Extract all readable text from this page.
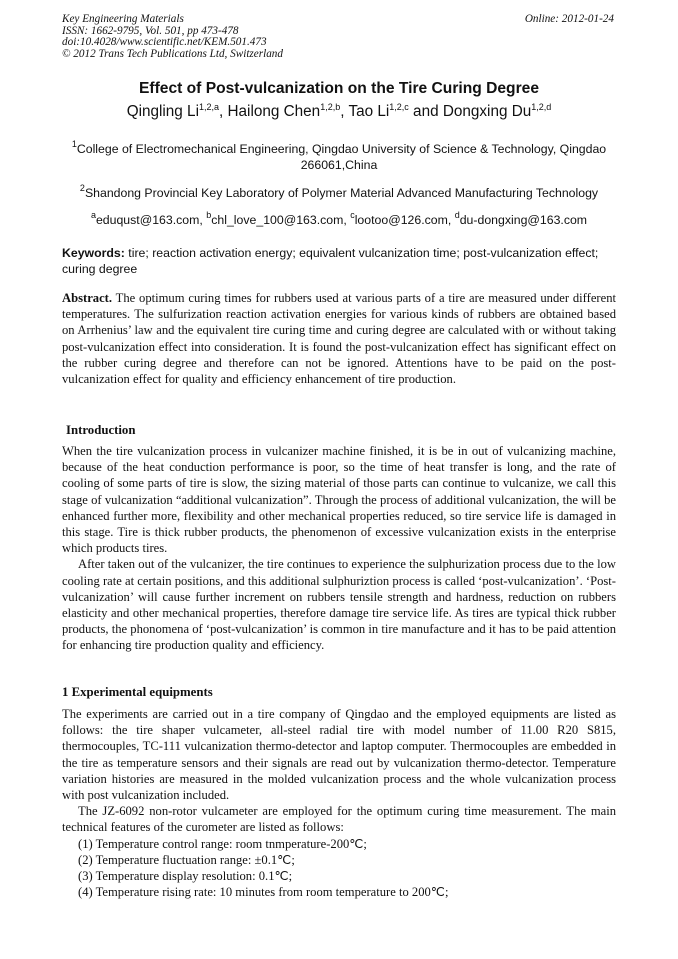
Key Engineering Materials
ISSN: 1662-9795, Vol. 501, pp 473-478
doi:10.4028/www.scientific.net/KEM.501.473
© 2012 Trans Tech Publications Ltd, Switzerland
Online: 2012-01-24
Effect of Post-vulcanization on the Tire Curing Degree
Qingling Li$^{1,2,a}$, Hailong Chen$^{1,2,b}$, Tao Li$^{1,2,c}$ and Dongxing Du$^{1,2,d}$
$^1$College of Electromechanical Engineering, Qingdao University of Science & Technology, Qingdao 266061,China
$^2$Shandong Provincial Key Laboratory of Polymer Material Advanced Manufacturing Technology
$^a$eduqust@163.com, $^b$chl_love_100@163.com, $^c$lootoo@126.com, $^d$du-dongxing@163.com
Keywords: tire; reaction activation energy; equivalent vulcanization time; post-vulcanization effect; curing degree

Abstract. The optimum curing times for rubbers used at various parts of a tire are measured under different temperatures. The sulfurization reaction activation energies for various kinds of rubbers are obtained based on Arrhenius’ law and the equivalent tire curing time and curing degree are calculated with or without taking post-vulcanization effect into consideration. It is found the post-vulcanization effect has significant effect on the rubber curing degree and therefore can not be ignored. Attentions have to be paid on the post-vulcanization effect for quality and efficiency enhancement of tire production.

Introduction

When the tire vulcanization process in vulcanizer machine finished, it is be in out of vulcanizing machine, because of the heat conduction performance is poor, so the time of heat transfer is long, and the rate of cooling of some parts of tire is slow, the sizing material of those parts can continue to vulcanize, we call this stage of vulcanization “additional vulcanization”. Through the process of additional vulcanization, the will be enhanced further more, flexibility and other mechanical properties reduced, so tire service life is damaged in this stage. Tire is thick rubber products, the phenomenon of excessive vulcanization exists in the enterprise which products tires.

After taken out of the vulcanizer, the tire continues to experience the sulphurization process due to the low cooling rate at certain positions, and this additional sulphuriztion process is called ‘post-vulcanization’. ‘Post-vulcanization’ will cause further increment on rubbers tensile strength and hardness, reduction on rubbers elasticity and other mechanical properties, therefore damage tire service life. As tires are typical thick rubber products, the phonomena of ‘post-vulcanization’ is common in tire manufacture and it has to be paid attention for enhancing tire production quality and efficiency.

1 Experimental equipments

The experiments are carried out in a tire company of Qingdao and the employed equipments are listed as follows: the tire shaper vulcameter, all-steel radial tire with model number of 11.00 R20 S815, thermocouples, TC-111 vulcanization thermo-detector and laptop computer. Thermocouples are embedded in the tire as temperature sensors and their signals are read out by vulcanization thermo-detector. Temperature variation histories are measured in the molded vulcanization process and the whole vulcanization process with post vulcanization included.

The JZ-6092 non-rotor vulcameter are employed for the optimum curing time measurement. The main technical features of the curometer are listed as follows:

(1) Temperature control range: room tnmperature-200℃;

(2) Temperature fluctuation range: ±0.1℃;

(3) Temperature display resolution: 0.1℃;

(4) Temperature rising rate: 10 minutes from room temperature to 200℃;
